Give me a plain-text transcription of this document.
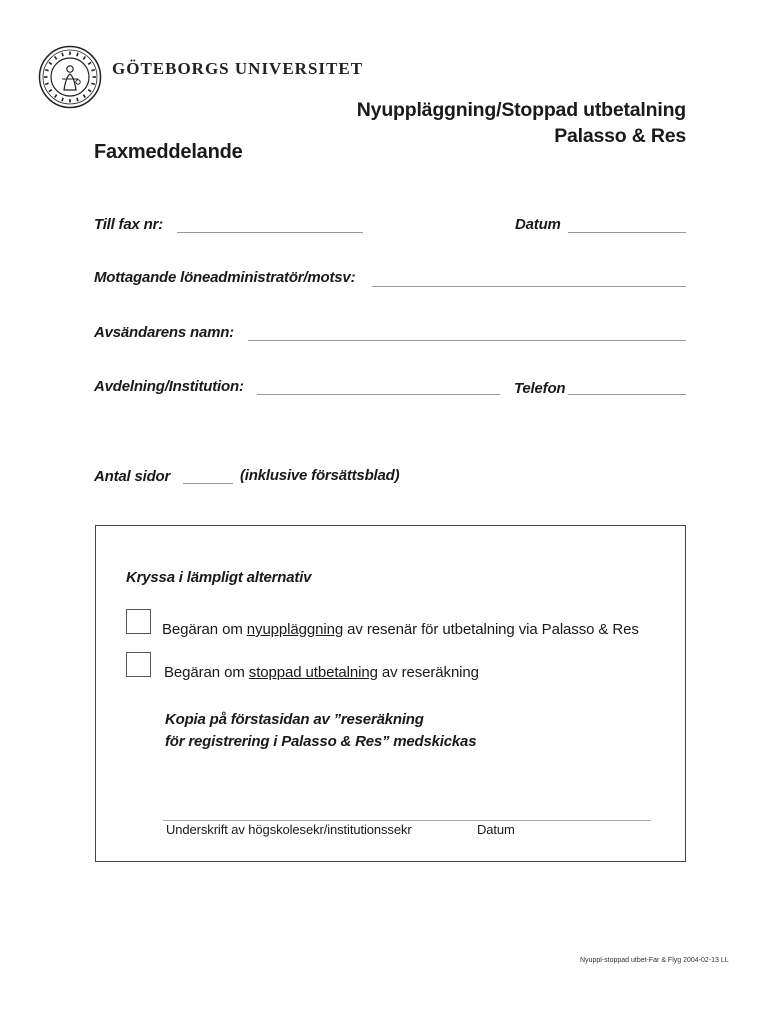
GÖTEBORGS UNIVERSITET
Nyuppläggning/Stoppad utbetalning
Palasso & Res
Faxmeddelande
Till fax nr:	Datum
Mottagande löneadministratör/motsv:
Avsändarens namn:
Avdelning/Institution:	Telefon
Antal sidor	(inklusive försättsblad)
Kryssa i lämpligt alternativ
Begäran om nyuppläggning av resenär för utbetalning via Palasso & Res
Begäran om stoppad utbetalning av reseräkning
Kopia på förstasidan av ”reseräkning
för registrering i Palasso & Res” medskickas
Underskrift av högskolesekr/institutionssekr	Datum
Nyuppl-stoppad utbet-Far & Flyg 2004-02-13 LL
